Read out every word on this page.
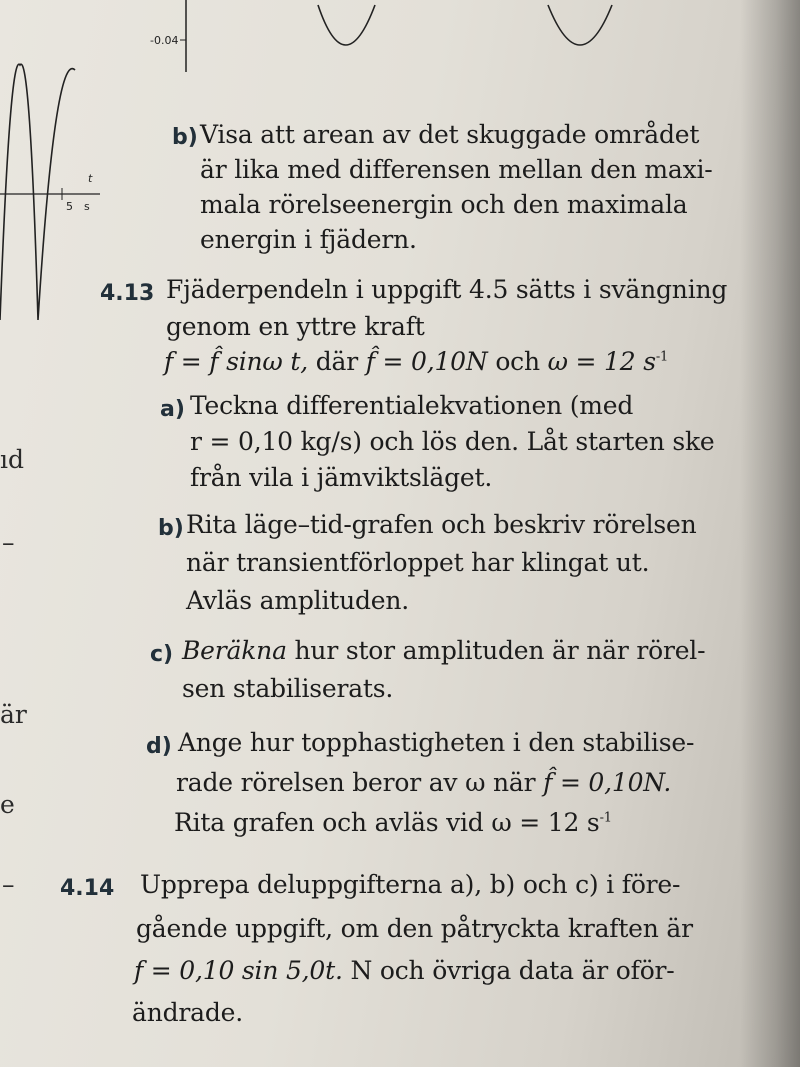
-0.04
t
5 s
ıd
–
är
e
–
b) Visa att arean av det skuggade området
är lika med differensen mellan den maxi-
mala rörelseenergin och den maximala
energin i fjädern.
4.13 Fjäderpendeln i uppgift 4.5 sätts i svängning
genom en yttre kraft
f = f̂ sinω t, där f̂ = 0,10N och ω = 12 $s^{-1}$
a) Teckna differentialekvationen (med
r = 0,10 kg/s) och lös den. Låt starten ske
från vila i jämviktsläget.
b) Rita läge–tid-grafen och beskriv rörelsen
när transientförloppet har klingat ut.
Avläs amplituden.
c) Beräkna hur stor amplituden är när rörel-
sen stabiliserats.
d) Ange hur topphastigheten i den stabilise-
rade rörelsen beror av ω när f̂ = 0,10N.
Rita grafen och avläs vid ω = 12 $s^{-1}$
4.14 Upprepa deluppgifterna a), b) och c) i före-
gående uppgift, om den påtryckta kraften är
f = 0,10 sin 5,0t. N och övriga data är oför-
ändrade.
